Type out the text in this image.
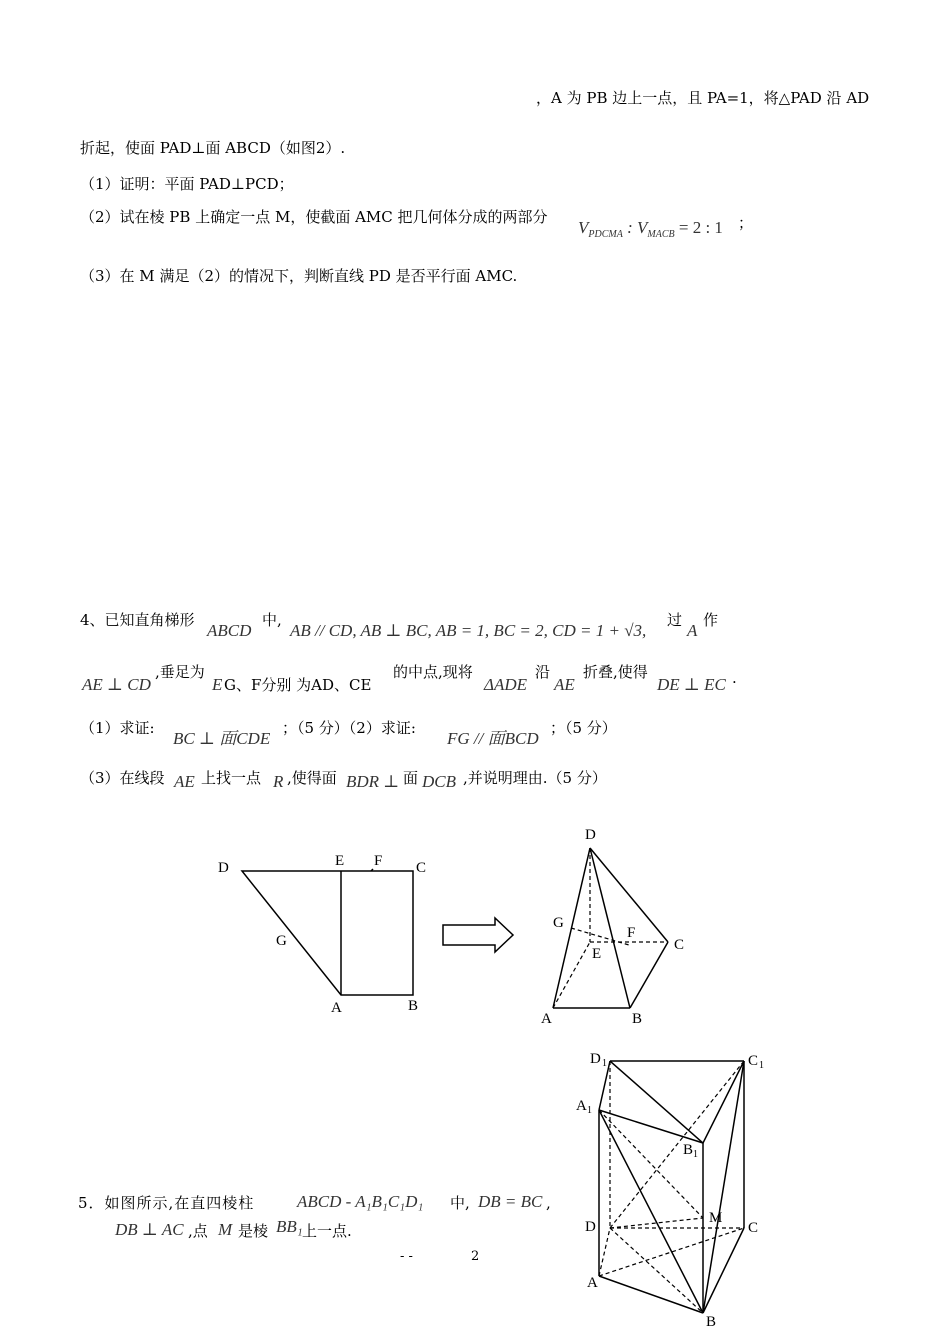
，A 为 PB 边上一点，且 PA=1，将△PAD 沿 AD
折起，使面 PAD⊥面 ABCD（如图2）.
（1）证明：平面 PAD⊥PCD；
（2）试在棱 PB 上确定一点 M，使截面 AMC 把几何体分成的两部分
$V_{PDCMA}$ : $V_{MACB} = 2$ : 1 ；
（3）在 M 满足（2）的情况下，判断直线 PD 是否平行面 AMC.
4、已知直角梯形
ABCD
中,
AB // CD, AB ⊥ BC, AB = 1, BC = 2, CD = 1 + √3,
过
A
作
AE ⊥ CD
,垂足为
E G、F分别 为AD、CE
的中点,现将
ΔADE
沿
AE
折叠,使得
DE ⊥ EC .
（1）求证:
BC ⊥ 面CDE
；（5 分）（2）求证:
FG // 面BCD
；（5 分）
（3）在线段 AE 上找一点 R ,使得面 BDR ⊥ 面 DCB ,并说明理由.（5 分）
D	E F C
G
A	B
D
G
F
E
C
A	B
D 1	C 1
A 1
B 1
D
M
C
A
B
5．如图所示,在直四棱柱	ABCD - A₁B₁C₁D₁ 中, DB = BC ,
DB ⊥ AC ,点 M 是棱 BB₁ 上一点.
- -	2
